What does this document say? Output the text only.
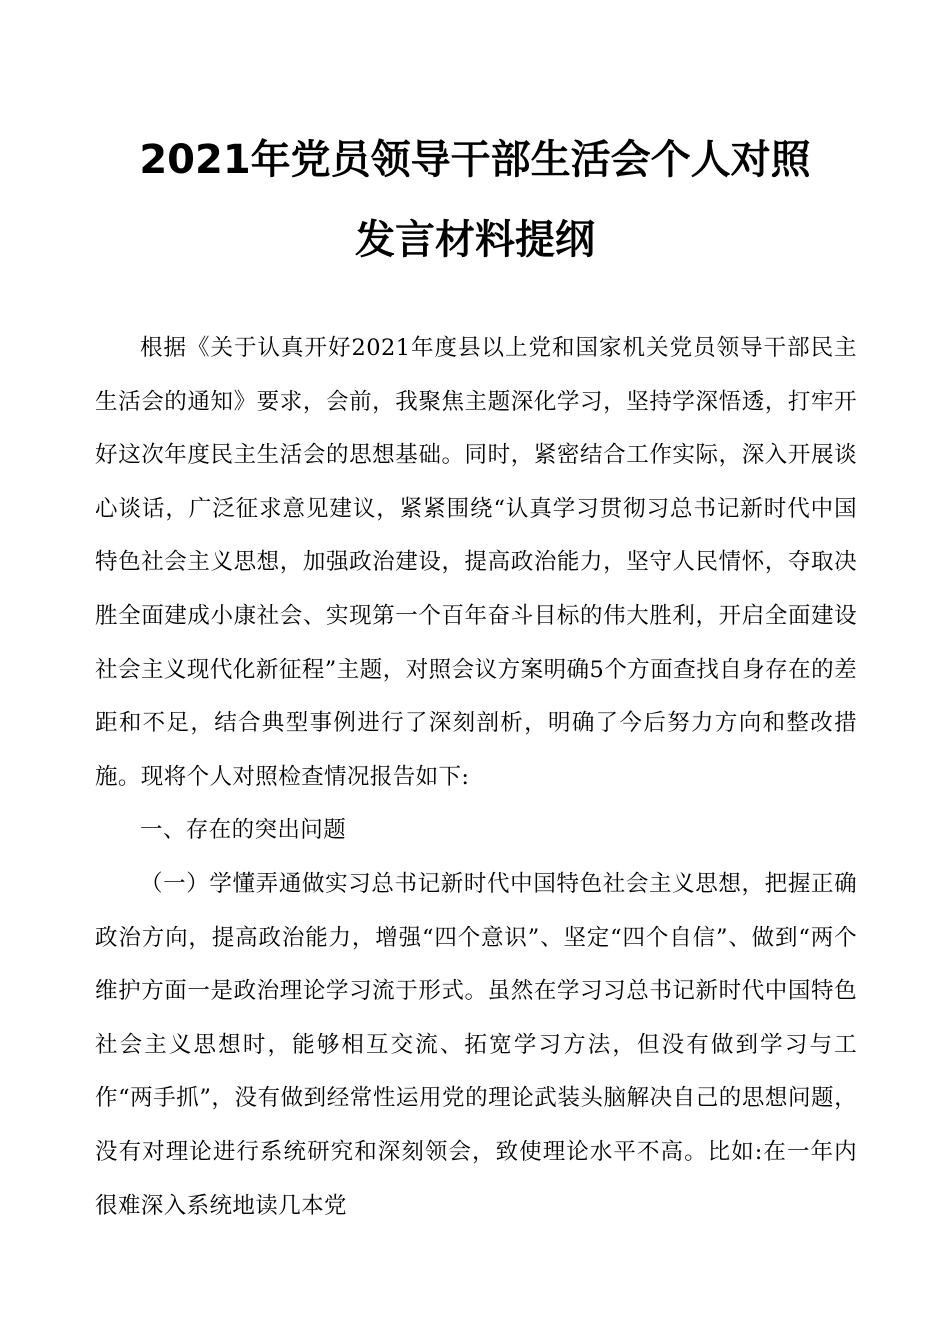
2021年党员领导干部生活会个人对照
发言材料提纲

根据《关于认真开好2021年度县以上党和国家机关党员领导干部民主生活会的通知》要求，会前，我聚焦主题深化学习，坚持学深悟透，打牢开好这次年度民主生活会的思想基础。同时，紧密结合工作实际，深入开展谈心谈话，广泛征求意见建议，紧紧围绕“认真学习贯彻习总书记新时代中国特色社会主义思想，加强政治建设，提高政治能力，坚守人民情怀，夺取决胜全面建成小康社会、实现第一个百年奋斗目标的伟大胜利，开启全面建设社会主义现代化新征程”主题，对照会议方案明确5个方面查找自身存在的差距和不足，结合典型事例进行了深刻剖析，明确了今后努力方向和整改措施。现将个人对照检查情况报告如下:

一、存在的突出问题

（一）学懂弄通做实习总书记新时代中国特色社会主义思想，把握正确政治方向，提高政治能力，增强“四个意识”、坚定“四个自信”、做到“两个维护方面一是政治理论学习流于形式。虽然在学习习总书记新时代中国特色社会主义思想时，能够相互交流、拓宽学习方法，但没有做到学习与工作“两手抓”，没有做到经常性运用党的理论武装头脑解决自己的思想问题，没有对理论进行系统研究和深刻领会，致使理论水平不高。比如:在一年内很难深入系统地读几本党
